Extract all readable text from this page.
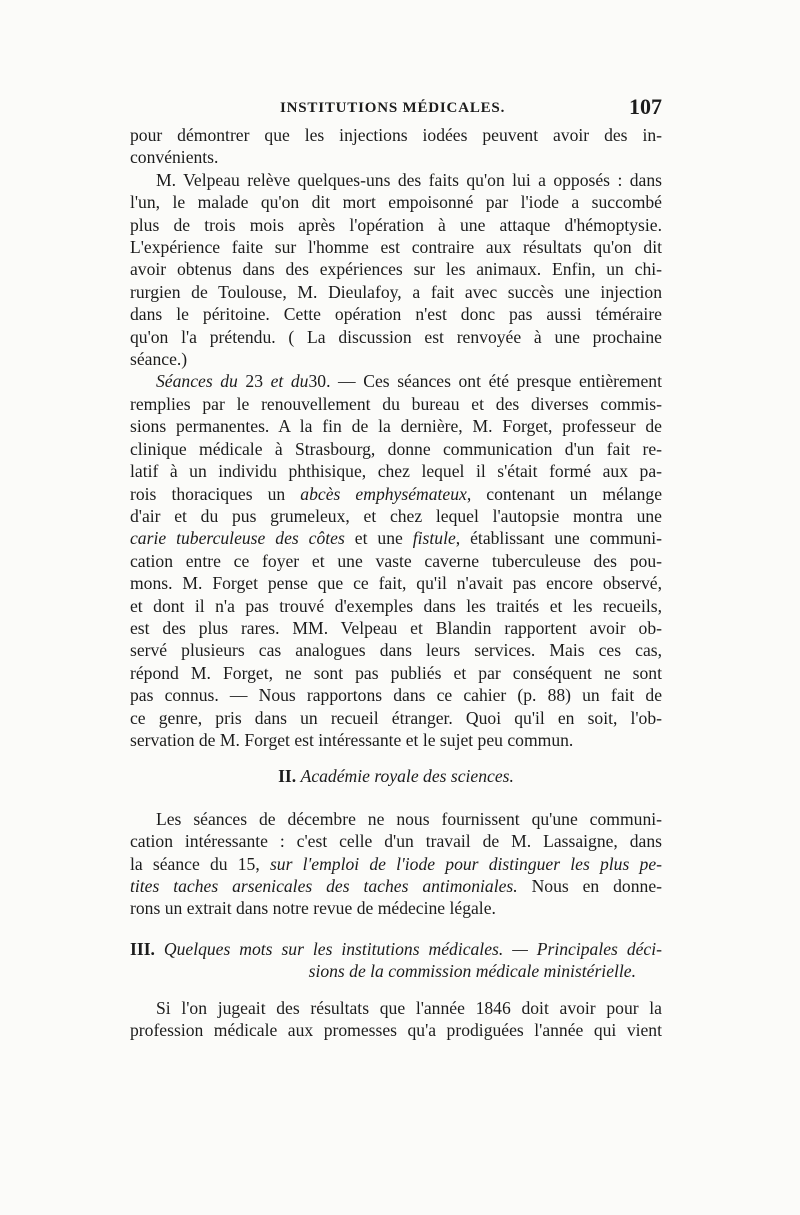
INSTITUTIONS MÉDICALES.	107
pour démontrer que les injections iodées peuvent avoir des in-
convénients.
M. Velpeau relève quelques-uns des faits qu'on lui a opposés : dans
l'un, le malade qu'on dit mort empoisonné par l'iode a succombé
plus de trois mois après l'opération à une attaque d'hémoptysie.
L'expérience faite sur l'homme est contraire aux résultats qu'on dit
avoir obtenus dans des expériences sur les animaux. Enfin, un chi-
rurgien de Toulouse, M. Dieulafoy, a fait avec succès une injection
dans le péritoine. Cette opération n'est donc pas aussi téméraire
qu'on l'a prétendu. ( La discussion est renvoyée à une prochaine
séance.)
Séances du 23 et du30. — Ces séances ont été presque entièrement
remplies par le renouvellement du bureau et des diverses commis-
sions permanentes. A la fin de la dernière, M. Forget, professeur de
clinique médicale à Strasbourg, donne communication d'un fait re-
latif à un individu phthisique, chez lequel il s'était formé aux pa-
rois thoraciques un abcès emphysémateux, contenant un mélange
d'air et du pus grumeleux, et chez lequel l'autopsie montra une
carie tuberculeuse des côtes et une fistule, établissant une communi-
cation entre ce foyer et une vaste caverne tuberculeuse des pou-
mons. M. Forget pense que ce fait, qu'il n'avait pas encore observé,
et dont il n'a pas trouvé d'exemples dans les traités et les recueils,
est des plus rares. MM. Velpeau et Blandin rapportent avoir ob-
servé plusieurs cas analogues dans leurs services. Mais ces cas,
répond M. Forget, ne sont pas publiés et par conséquent ne sont
pas connus. — Nous rapportons dans ce cahier (p. 88) un fait de
ce genre, pris dans un recueil étranger. Quoi qu'il en soit, l'ob-
servation de M. Forget est intéressante et le sujet peu commun.
II. Académie royale des sciences.
Les séances de décembre ne nous fournissent qu'une communi-
cation intéressante : c'est celle d'un travail de M. Lassaigne, dans
la séance du 15, sur l'emploi de l'iode pour distinguer les plus pe-
tites taches arsenicales des taches antimoniales. Nous en donne-
rons un extrait dans notre revue de médecine légale.
III. Quelques mots sur les institutions médicales. — Principales déci-
sions de la commission médicale ministérielle.
Si l'on jugeait des résultats que l'année 1846 doit avoir pour la
profession médicale aux promesses qu'a prodiguées l'année qui vient
